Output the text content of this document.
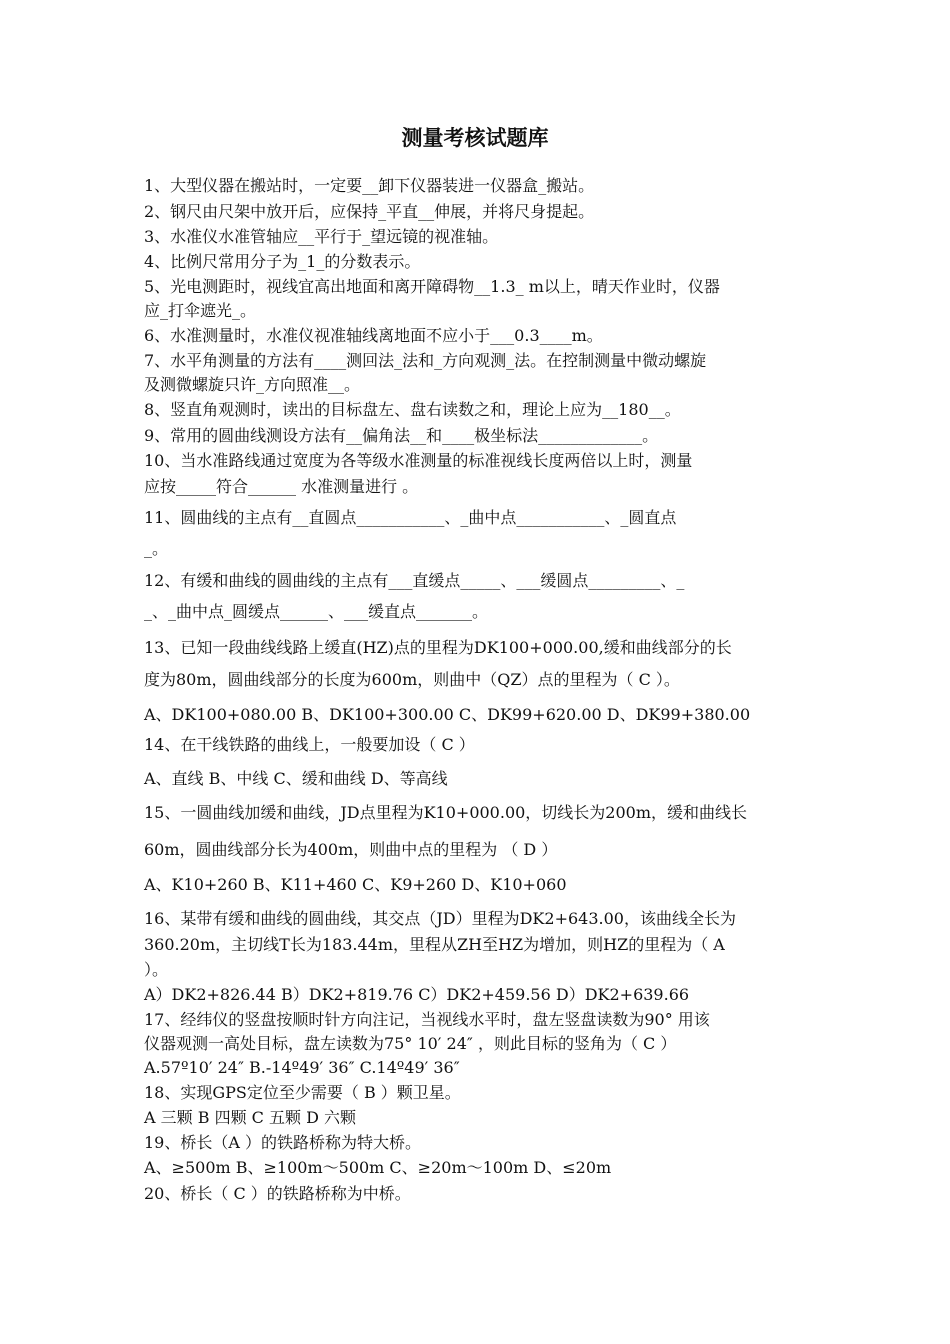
测量考核试题库
1、大型仪器在搬站时，一定要__卸下仪器装进一仪器盒_搬站。
2、钢尺由尺架中放开后，应保持_平直__伸展，并将尺身提起。
3、水准仪水准管轴应__平行于_望远镜的视准轴。
4、比例尺常用分子为_1_的分数表示。
5、光电测距时，视线宜高出地面和离开障碍物__1.3_ m以上，晴天作业时，仪器
应_打伞遮光_。
6、水准测量时，水准仪视准轴线离地面不应小于___0.3____m。
7、水平角测量的方法有____测回法_法和_方向观测_法。在控制测量中微动螺旋
及测微螺旋只许_方向照准__。
8、竖直角观测时，读出的目标盘左、盘右读数之和，理论上应为__180__。
9、常用的圆曲线测设方法有__偏角法__和____极坐标法_____________。
10、当水准路线通过宽度为各等级水准测量的标准视线长度两倍以上时，测量
应按_____符合______ 水准测量进行 。
11、圆曲线的主点有__直圆点___________、_曲中点___________、_圆直点
_。
12、有缓和曲线的圆曲线的主点有___直缓点_____、___缓圆点_________、_
_、_曲中点_圆缓点______、___缓直点_______。
13、已知一段曲线线路上缓直(HZ)点的里程为DK100+000.00,缓和曲线部分的长
度为80m，圆曲线部分的长度为600m，则曲中（QZ）点的里程为（ C ）。
A、DK100+080.00 B、DK100+300.00 C、DK99+620.00 D、DK99+380.00
14、在干线铁路的曲线上，一般要加设（ C ）
A、直线 B、中线 C、缓和曲线 D、等高线
15、一圆曲线加缓和曲线，JD点里程为K10+000.00，切线长为200m，缓和曲线长
60m，圆曲线部分长为400m，则曲中点的里程为 （ D ）
A、K10+260 B、K11+460 C、K9+260 D、K10+060
16、某带有缓和曲线的圆曲线，其交点（JD）里程为DK2+643.00，该曲线全长为
360.20m，主切线T长为183.44m，里程从ZH至HZ为增加，则HZ的里程为（ A
）。
A）DK2+826.44 B）DK2+819.76 C）DK2+459.56 D）DK2+639.66
17、经纬仪的竖盘按顺时针方向注记，当视线水平时，盘左竖盘读数为90° 用该
仪器观测一高处目标，盘左读数为75° 10′ 24″ ，则此目标的竖角为（ C ）
A.57º10′ 24″ B.-14º49′ 36″ C.14º49′ 36″
18、实现GPS定位至少需要（ B ）颗卫星。
A 三颗 B 四颗 C 五颗 D 六颗
19、桥长（A ）的铁路桥称为特大桥。
A、≥500m B、≥100m～500m C、≥20m～100m D、≤20m
20、桥长（ C ）的铁路桥称为中桥。
